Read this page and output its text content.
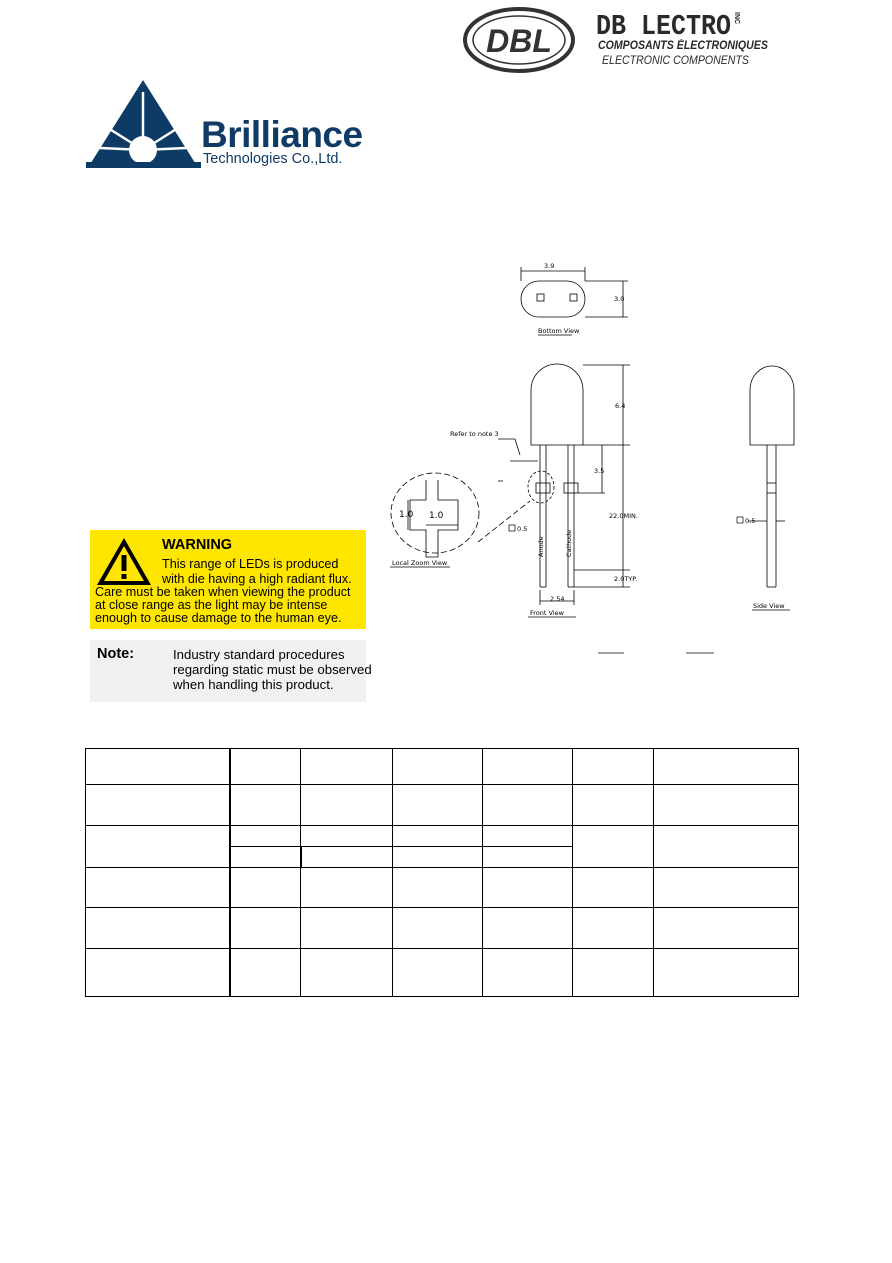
DBL DB LECTRO INC
COMPOSANTS ÉLECTRONIQUES
ELECTRONIC COMPONENTS
Brilliance
Technologies Co.,Ltd.
WARNING
This range of LEDs is produced
with die having a high radiant flux.
Care must be taken when viewing the product
at close range as the light may be intense
enough to cause damage to the human eye.
Note:	Industry standard procedures
regarding static must be observed
when handling this product.
3.9
3.0
Bottom View
6.4
Refer to note 3
3.5
22.0MIN.
0.5
0.5
2.0TYP.
2.54
Front View
Side View
Local Zoom View
1.0 1.0
Anode	Cathode
